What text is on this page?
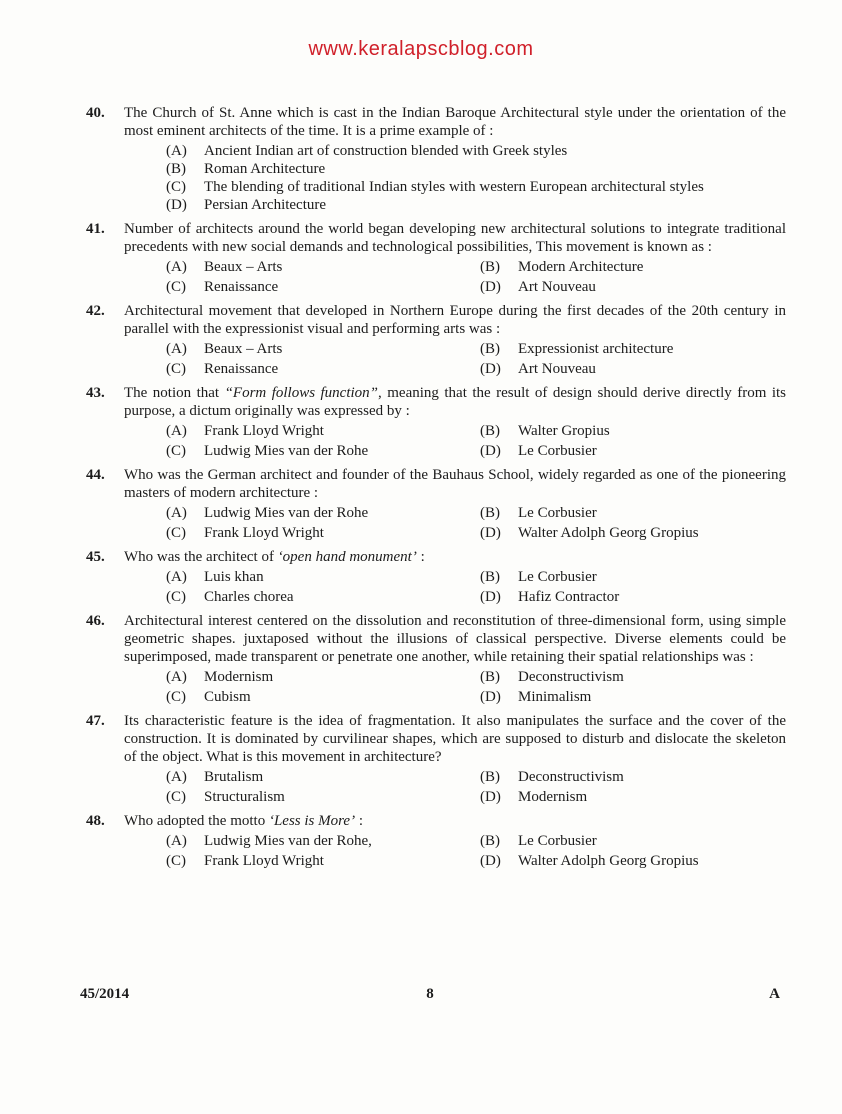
www.keralapscblog.com
40.	The Church of St. Anne which is cast in the Indian Baroque Architectural style under the orientation of the most eminent architects of the time. It is a prime example of :
(A)	Ancient Indian art of construction blended with Greek styles
(B)	Roman Architecture
(C)	The blending of traditional Indian styles with western European architectural styles
(D)	Persian Architecture
41.	Number of architects around the world began developing new architectural solutions to integrate traditional precedents with new social demands and technological possibilities, This movement is known as :
(A)	Beaux – Arts	(B)	Modern Architecture
(C)	Renaissance	(D)	Art Nouveau
42.	Architectural movement that developed in Northern Europe during the first decades of the 20th century in parallel with the expressionist visual and performing arts was :
(A)	Beaux – Arts	(B)	Expressionist architecture
(C)	Renaissance	(D)	Art Nouveau
43.	The notion that “Form follows function”, meaning that the result of design should derive directly from its purpose, a dictum originally was expressed by :
(A)	Frank Lloyd Wright	(B)	Walter Gropius
(C)	Ludwig Mies van der Rohe	(D)	Le Corbusier
44.	Who was the German architect and founder of the Bauhaus School, widely regarded as one of the pioneering masters of modern architecture :
(A)	Ludwig Mies van der Rohe	(B)	Le Corbusier
(C)	Frank Lloyd Wright	(D)	Walter Adolph Georg Gropius
45.	Who was the architect of ‘open hand monument’ :
(A)	Luis khan	(B)	Le Corbusier
(C)	Charles chorea	(D)	Hafiz Contractor
46.	Architectural interest centered on the dissolution and reconstitution of three-dimensional form, using simple geometric shapes. juxtaposed without the illusions of classical perspective. Diverse elements could be superimposed, made transparent or penetrate one another, while retaining their spatial relationships was :
(A)	Modernism	(B)	Deconstructivism
(C)	Cubism	(D)	Minimalism
47.	Its characteristic feature is the idea of fragmentation. It also manipulates the surface and the cover of the construction. It is dominated by curvilinear shapes, which are supposed to disturb and dislocate the skeleton of the object. What is this movement in architecture?
(A)	Brutalism	(B)	Deconstructivism
(C)	Structuralism	(D)	Modernism
48.	Who adopted the motto ‘Less is More’ :
(A)	Ludwig Mies van der Rohe,	(B)	Le Corbusier
(C)	Frank Lloyd Wright	(D)	Walter Adolph Georg Gropius
45/2014	8	A
